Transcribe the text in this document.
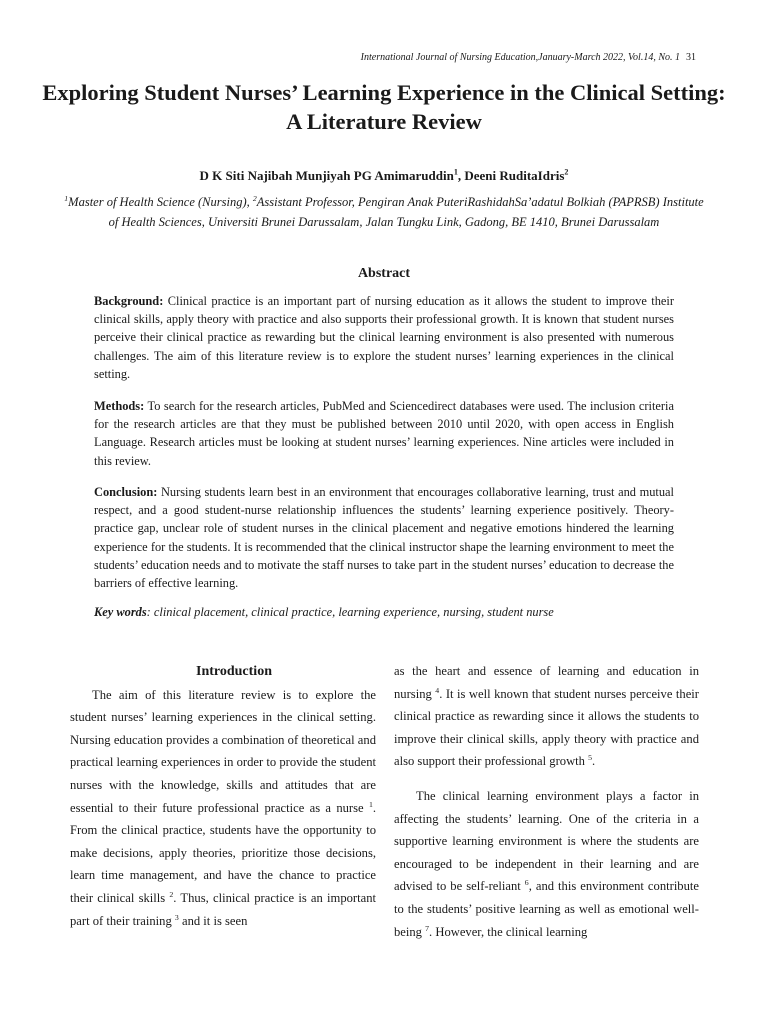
International Journal of Nursing Education,January-March 2022, Vol.14, No. 1 31
Exploring Student Nurses’ Learning Experience in the Clinical Setting: A Literature Review
D K Siti Najibah Munjiyah PG Amimaruddin$^1$, Deeni RuditaIdris$^2$
$^1$Master of Health Science (Nursing), $^2$Assistant Professor, Pengiran Anak PuteriRashidahSa’adatul Bolkiah (PAPRSB) Institute of Health Sciences, Universiti Brunei Darussalam, Jalan Tungku Link, Gadong, BE 1410, Brunei Darussalam
Abstract

Background: Clinical practice is an important part of nursing education as it allows the student to improve their clinical skills, apply theory with practice and also supports their professional growth. It is known that student nurses perceive their clinical practice as rewarding but the clinical learning environment is also presented with numerous challenges. The aim of this literature review is to explore the student nurses’ learning experiences in the clinical setting.

Methods: To search for the research articles, PubMed and Sciencedirect databases were used. The inclusion criteria for the research articles are that they must be published between 2010 until 2020, with open access in English Language. Research articles must be looking at student nurses’ learning experiences. Nine articles were included in this review.

Conclusion: Nursing students learn best in an environment that encourages collaborative learning, trust and mutual respect, and a good student-nurse relationship influences the students’ learning experience positively. Theory-practice gap, unclear role of student nurses in the clinical placement and negative emotions hindered the learning experience for the students. It is recommended that the clinical instructor shape the learning environment to meet the students’ education needs and to motivate the staff nurses to take part in the student nurses’ education to decrease the barriers of effective learning.

Key words: clinical placement, clinical practice, learning experience, nursing, student nurse

Introduction

The aim of this literature review is to explore the student nurses’ learning experiences in the clinical setting. Nursing education provides a combination of theoretical and practical learning experiences in order to provide the student nurses with the knowledge, skills and attitudes that are essential to their future professional practice as a nurse $^1$. From the clinical practice, students have the opportunity to make decisions, apply theories, prioritize those decisions, learn time management, and have the chance to practice their clinical skills $^2$. Thus, clinical practice is an important part of their training $^3$ and it is seen

as the heart and essence of learning and education in nursing $^4$. It is well known that student nurses perceive their clinical practice as rewarding since it allows the students to improve their clinical skills, apply theory with practice and also support their professional growth $^5$.

The clinical learning environment plays a factor in affecting the students’ learning. One of the criteria in a supportive learning environment is where the students are encouraged to be independent in their learning and are advised to be self-reliant $^6$, and this environment contribute to the students’ positive learning as well as emotional well-being $^7$. However, the clinical learning
